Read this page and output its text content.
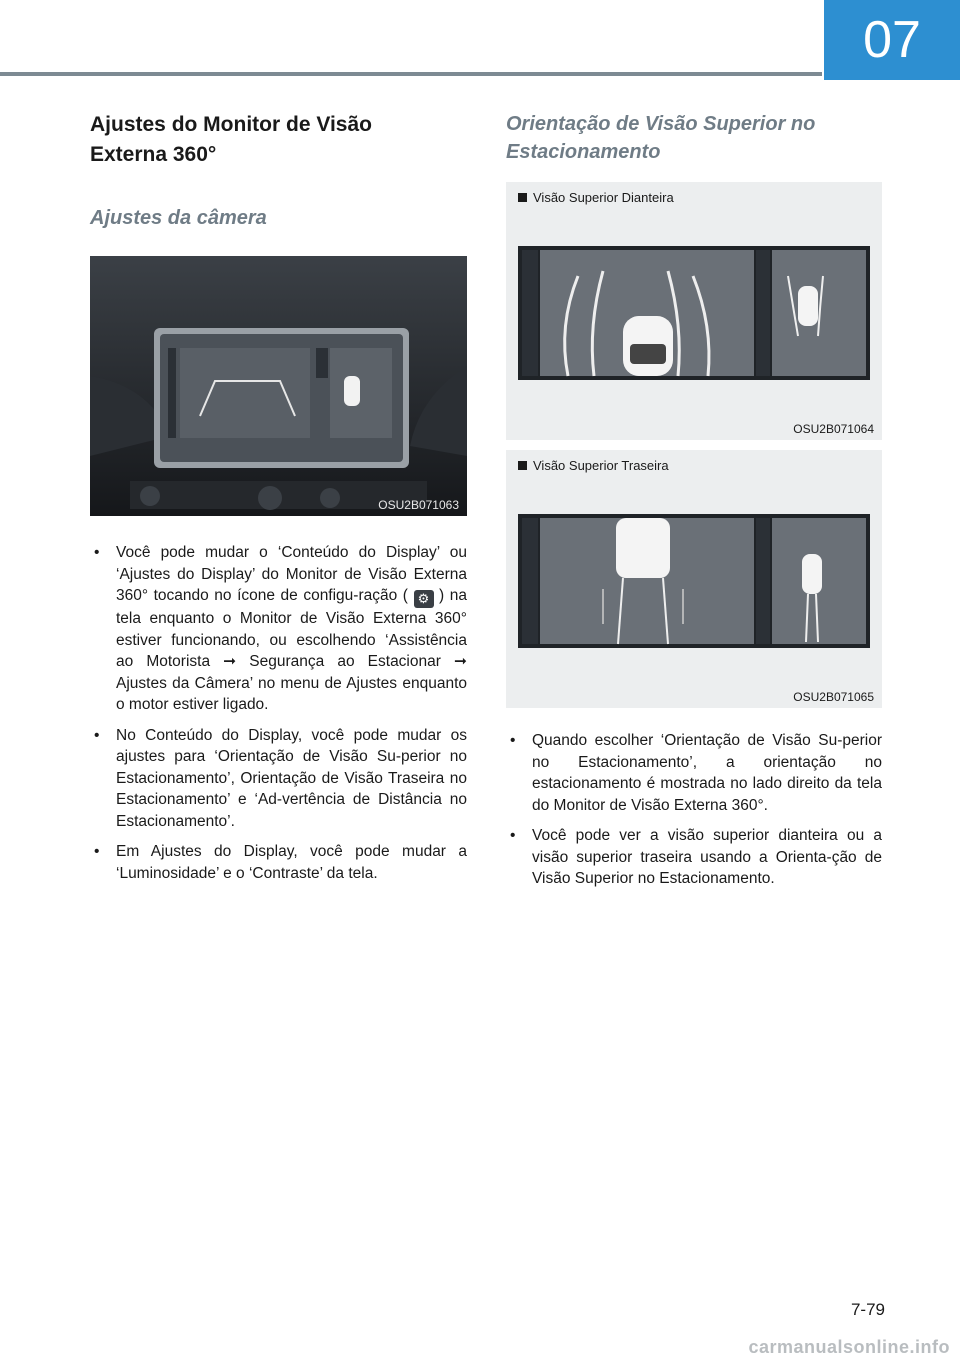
07
Ajustes do Monitor de Visão
Externa 360°
Ajustes da câmera
OSU2B071063
• Você pode mudar o ‘Conteúdo do Display’ ou ‘Ajustes do Display’ do Monitor de Visão Externa 360° tocando no ícone de configu-ração ( ⚙ ) na tela enquanto o Monitor de Visão Externa 360° estiver funcionando, ou escolhendo ‘Assistência ao Motorista ➞ Segurança ao Estacionar ➞ Ajustes da Câmera’ no menu de Ajustes enquanto o motor estiver ligado.
• No Conteúdo do Display, você pode mudar os ajustes para ‘Orientação de Visão Su-perior no Estacionamento’, Orientação de Visão Traseira no Estacionamento’ e ‘Ad-vertência de Distância no Estacionamento’.
• Em Ajustes do Display, você pode mudar a ‘Luminosidade’ e o ‘Contraste’ da tela.
Orientação de Visão Superior no
Estacionamento
Visão Superior Dianteira
OSU2B071064
Visão Superior Traseira
OSU2B071065
• Quando escolher ‘Orientação de Visão Su-perior no Estacionamento’, a orientação no estacionamento é mostrada no lado direito da tela do Monitor de Visão Externa 360°.
• Você pode ver a visão superior dianteira ou a visão superior traseira usando a Orienta-ção de Visão Superior no Estacionamento.
7-79
carmanualsonline.info
